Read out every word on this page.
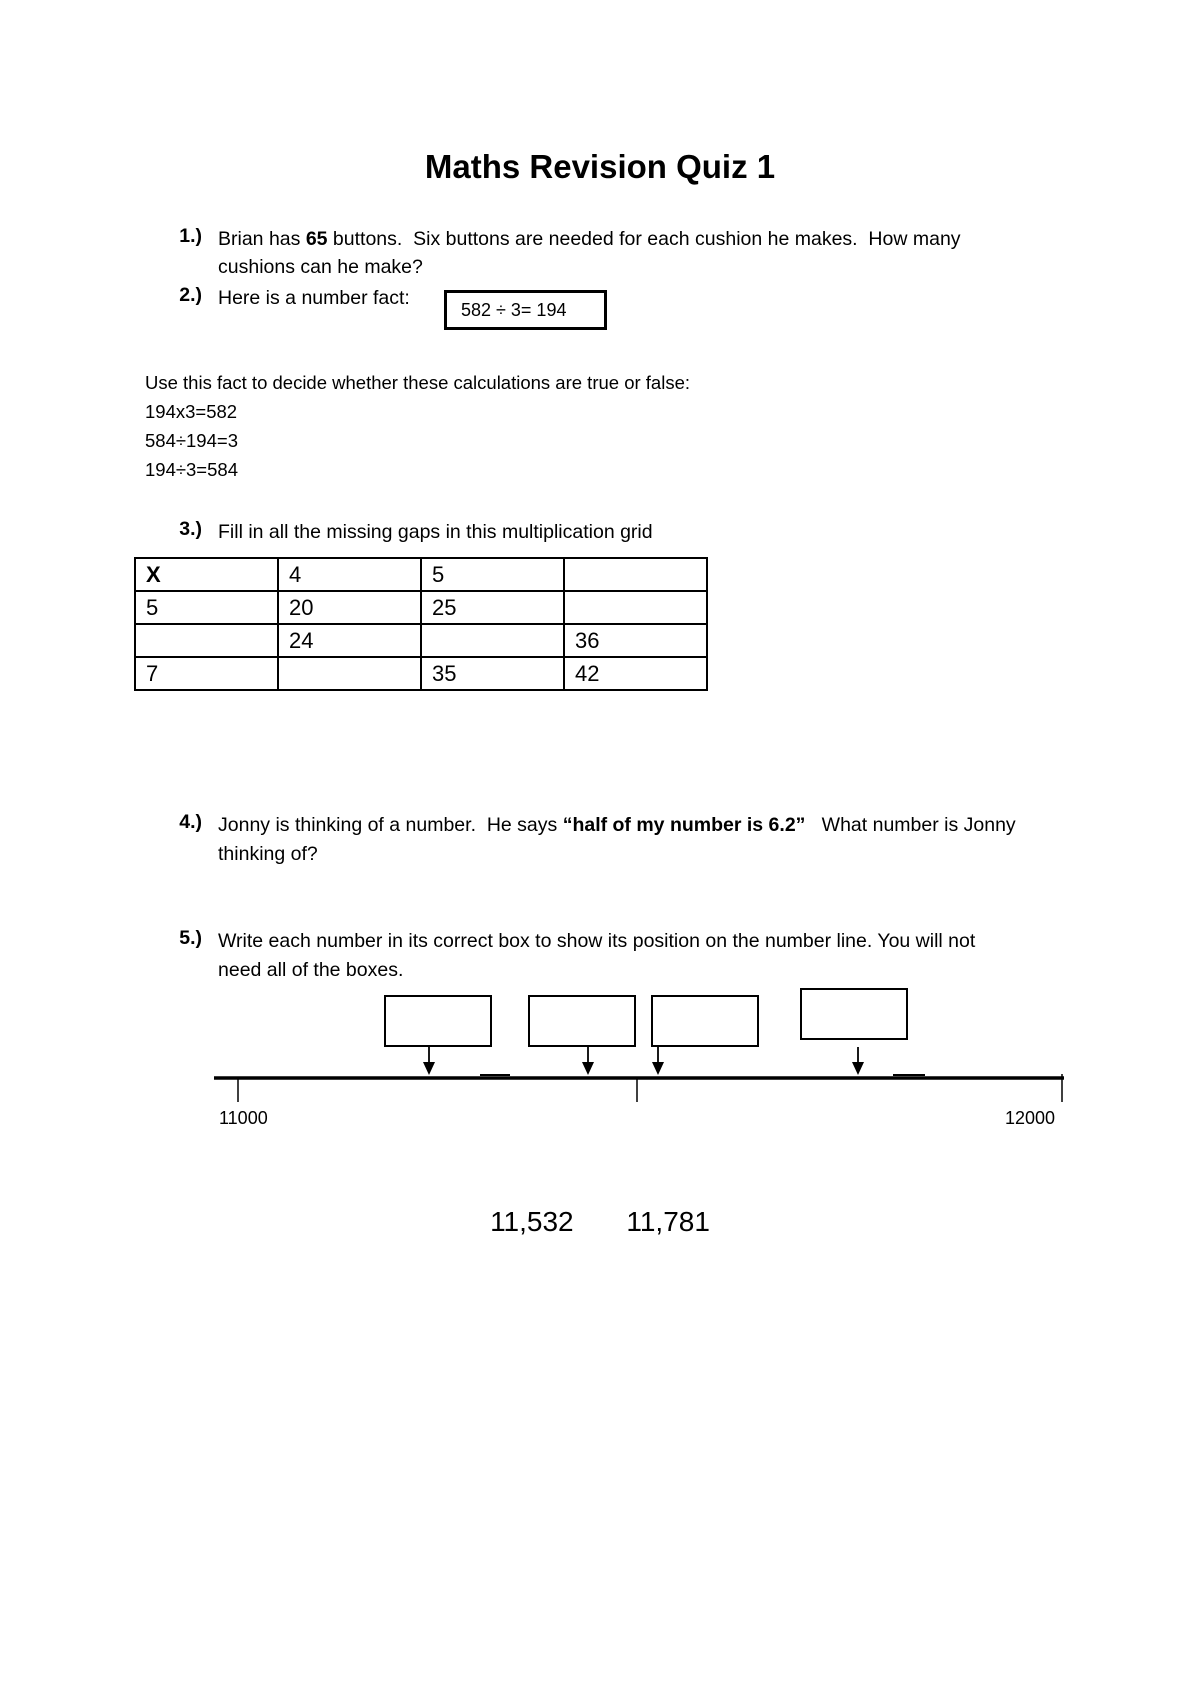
Maths Revision Quiz 1
1.) Brian has 65 buttons.  Six buttons are needed for each cushion he makes.  How many
cushions can he make?
2.) Here is a number fact:
582 ÷ 3= 194
Use this fact to decide whether these calculations are true or false:
194x3=582
584÷194=3
194÷3=584
3.) Fill in all the missing gaps in this multiplication grid
X	4	5	
5	20	25	
	24		36
7		35	42
4.) Jonny is thinking of a number.  He says “half of my number is 6.2”   What number is Jonny
thinking of?
5.) Write each number in its correct box to show its position on the number line. You will not
need all of the boxes.
11000	12000
11,532   11,781
